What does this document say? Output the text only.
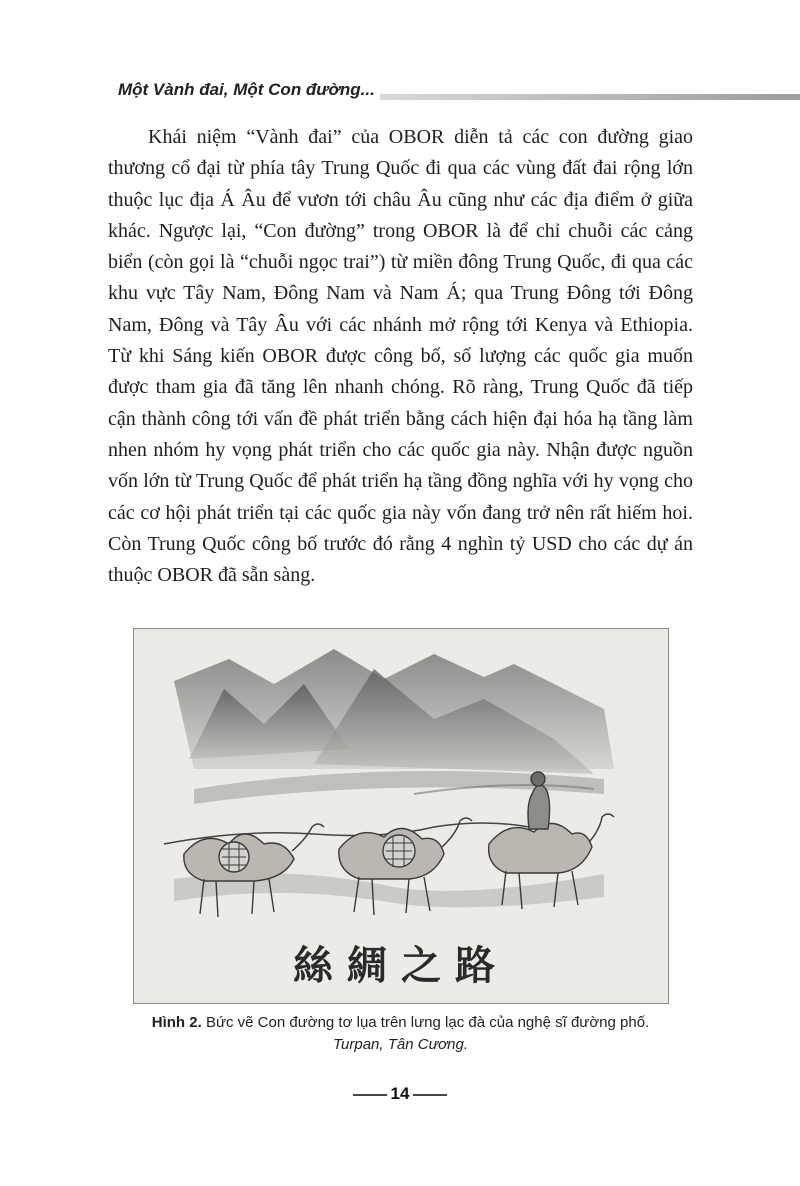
Một Vành đai, Một Con đường...
Khái niệm “Vành đai” của OBOR diễn tả các con đường giao thương cổ đại từ phía tây Trung Quốc đi qua các vùng đất đai rộng lớn thuộc lục địa Á Âu để vươn tới châu Âu cũng như các địa điểm ở giữa khác. Ngược lại, “Con đường” trong OBOR là để chỉ chuỗi các cảng biển (còn gọi là “chuỗi ngọc trai”) từ miền đông Trung Quốc, đi qua các khu vực Tây Nam, Đông Nam và Nam Á; qua Trung Đông tới Đông Nam, Đông và Tây Âu với các nhánh mở rộng tới Kenya và Ethiopia. Từ khi Sáng kiến OBOR được công bố, số lượng các quốc gia muốn được tham gia đã tăng lên nhanh chóng. Rõ ràng, Trung Quốc đã tiếp cận thành công tới vấn đề phát triển bằng cách hiện đại hóa hạ tầng làm nhen nhóm hy vọng phát triển cho các quốc gia này. Nhận được nguồn vốn lớn từ Trung Quốc để phát triển hạ tầng đồng nghĩa với hy vọng cho các cơ hội phát triển tại các quốc gia này vốn đang trở nên rất hiếm hoi. Còn Trung Quốc công bố trước đó rằng 4 nghìn tỷ USD cho các dự án thuộc OBOR đã sẵn sàng.
絲綢之路
Hình 2. Bức vẽ Con đường tơ lụa trên lưng lạc đà của nghệ sĩ đường phố.
Turpan, Tân Cương.
14
